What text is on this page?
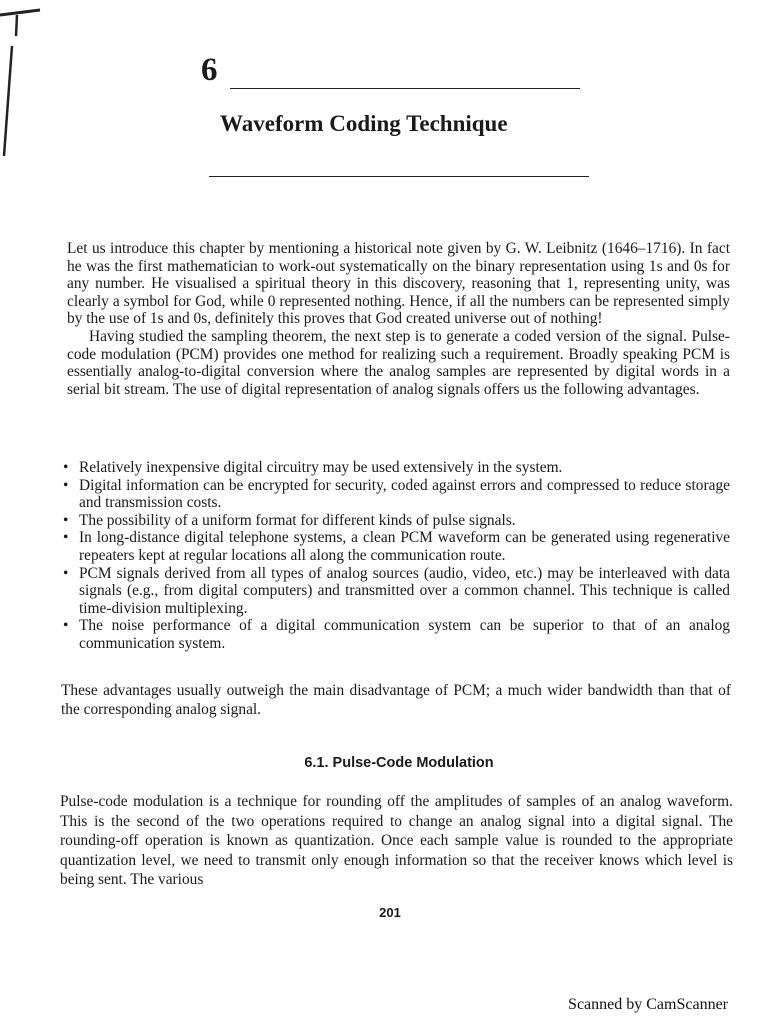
6
Waveform Coding Technique

Let us introduce this chapter by mentioning a historical note given by G. W. Leibnitz (1646–1716). In fact he was the first mathematician to work-out systematically on the binary representation using 1s and 0s for any number. He visualised a spiritual theory in this discovery, reasoning that 1, representing unity, was clearly a symbol for God, while 0 represented nothing. Hence, if all the numbers can be represented simply by the use of 1s and 0s, definitely this proves that God created universe out of nothing!

Having studied the sampling theorem, the next step is to generate a coded version of the signal. Pulse-code modulation (PCM) provides one method for realizing such a requirement. Broadly speaking PCM is essentially analog-to-digital conversion where the analog samples are represented by digital words in a serial bit stream. The use of digital representation of analog signals offers us the following advantages.

• Relatively inexpensive digital circuitry may be used extensively in the system.
• Digital information can be encrypted for security, coded against errors and compressed to reduce storage and transmission costs.
• The possibility of a uniform format for different kinds of pulse signals.
• In long-distance digital telephone systems, a clean PCM waveform can be generated using regenerative repeaters kept at regular locations all along the communication route.
• PCM signals derived from all types of analog sources (audio, video, etc.) may be interleaved with data signals (e.g., from digital computers) and transmitted over a common channel. This technique is called time-division multiplexing.
• The noise performance of a digital communication system can be superior to that of an analog communication system.

These advantages usually outweigh the main disadvantage of PCM; a much wider bandwidth than that of the corresponding analog signal.

6.1. Pulse-Code Modulation

Pulse-code modulation is a technique for rounding off the amplitudes of samples of an analog waveform. This is the second of the two operations required to change an analog signal into a digital signal. The rounding-off operation is known as quantization. Once each sample value is rounded to the appropriate quantization level, we need to transmit only enough information so that the receiver knows which level is being sent. The various

201
Scanned by CamScanner
